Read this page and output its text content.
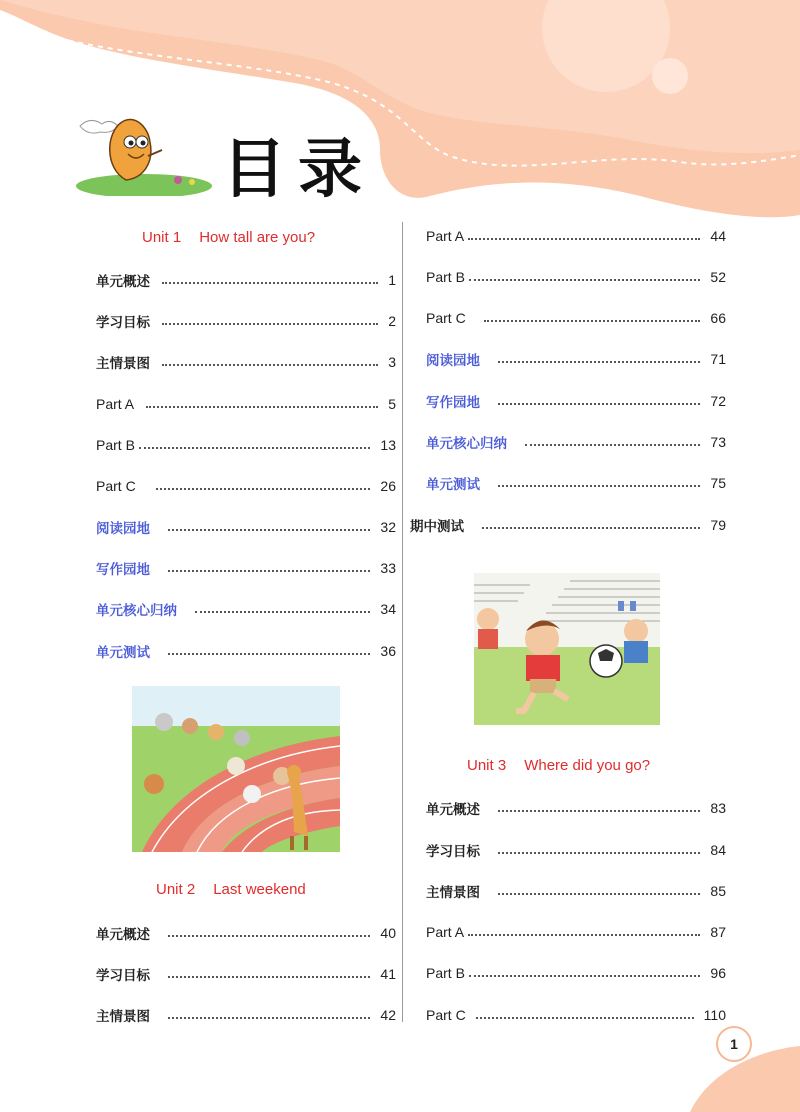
目录
Unit 1 How tall are you?
单元概述	1
学习目标	2
主情景图	3
Part A	5
Part B	13
Part C	26
阅读园地	32
写作园地	33
单元核心归纳	34
单元测试	36
Unit 2 Last weekend
单元概述	40
学习目标	41
主情景图	42
Part A	44
Part B	52
Part C	66
阅读园地	71
写作园地	72
单元核心归纳	73
单元测试	75
期中测试	79
Unit 3 Where did you go?
单元概述	83
学习目标	84
主情景图	85
Part A	87
Part B	96
Part C	110
1
